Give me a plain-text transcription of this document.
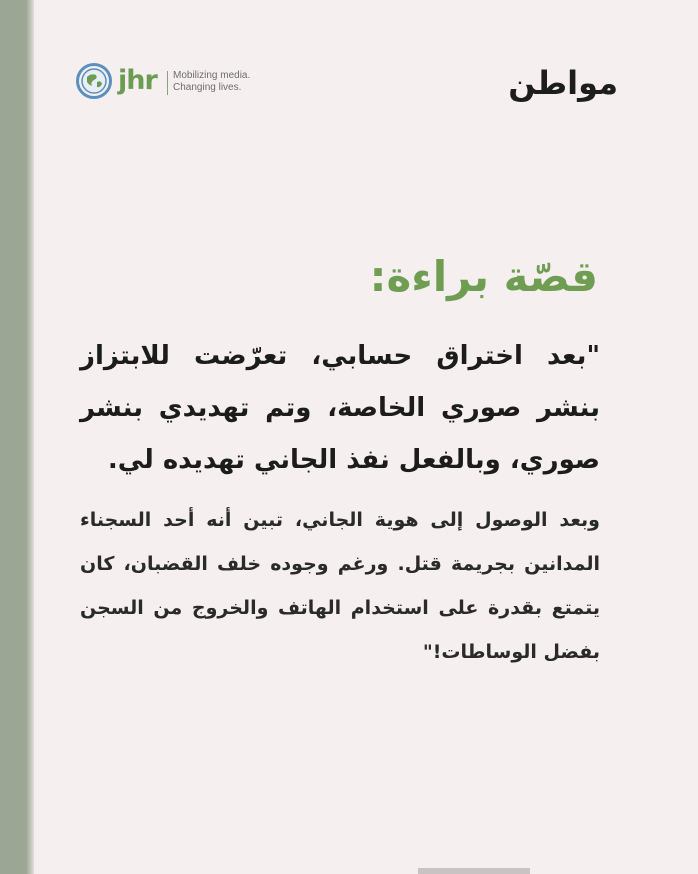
jhr Mobilizing media.
Changing lives.	مواطن
قصّة براءة:
"بعد اختراق حسابي، تعرّضت للابتزاز بنشر صوري الخاصة، وتم تهديدي بنشر صوري، وبالفعل نفذ الجاني تهديده لي.
وبعد الوصول إلى هوية الجاني، تبين أنه أحد السجناء المدانين بجريمة قتل. ورغم وجوده خلف القضبان، كان يتمتع بقدرة على استخدام الهاتف والخروج من السجن بفضل الوساطات!"
